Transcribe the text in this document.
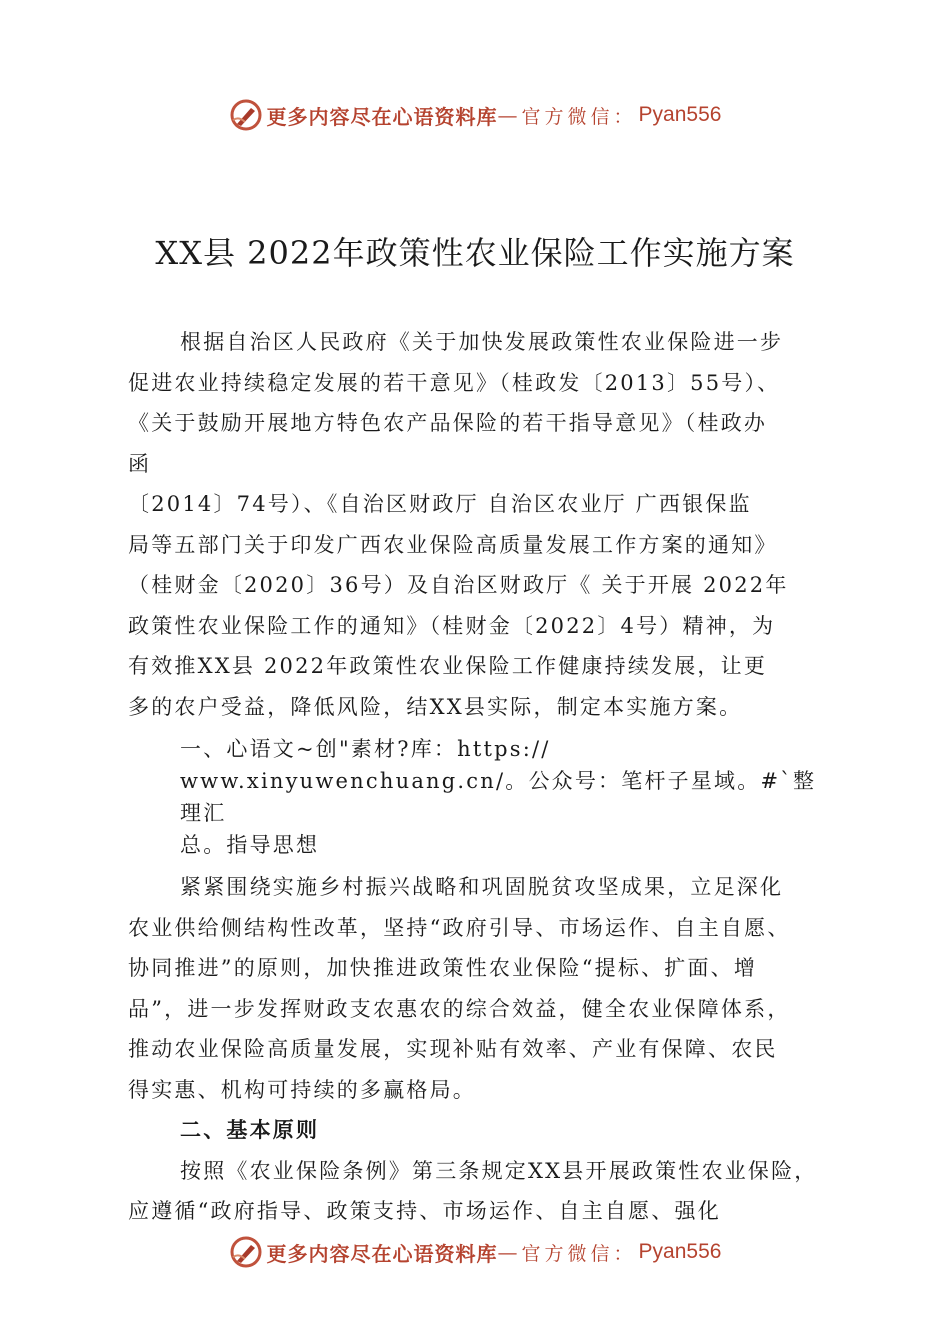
更多内容尽在心语资料库 — 官方微信： Pyan556
XX县 2022年政策性农业保险工作实施方案

根据自治区人民政府《关于加快发展政策性农业保险进一步

促进农业持续稳定发展的若干意见》（桂政发〔2013〕55号）、

《关于鼓励开展地方特色农产品保险的若干指导意见》（桂政办

函

〔2014〕74号）、《自治区财政厅 自治区农业厅 广西银保监

局等五部门关于印发广西农业保险高质量发展工作方案的通知》

（桂财金〔2020〕36号）及自治区财政厅《 关于开展 2022年

政策性农业保险工作的通知》（桂财金〔2022〕4号）精神，为

有效推XX县 2022年政策性农业保险工作健康持续发展，让更

多的农户受益，降低风险，结XX县实际，制定本实施方案。

一、心语文~创"素材?库：https://
www.xinyuwenchuang.cn/。公众号：笔杆子星域。#`整理汇
总。指导思想

紧紧围绕实施乡村振兴战略和巩固脱贫攻坚成果，立足深化

农业供给侧结构性改革，坚持“政府引导、市场运作、自主自愿、

协同推进”的原则，加快推进政策性农业保险“提标、扩面、增

品”，进一步发挥财政支农惠农的综合效益，健全农业保障体系，

推动农业保险高质量发展，实现补贴有效率、产业有保障、农民

得实惠、机构可持续的多赢格局。

二、基本原则

按照《农业保险条例》第三条规定XX县开展政策性农业保险，

应遵循“政府指导、政策支持、市场运作、自主自愿、强化

更多内容尽在心语资料库 — 官方微信： Pyan556
